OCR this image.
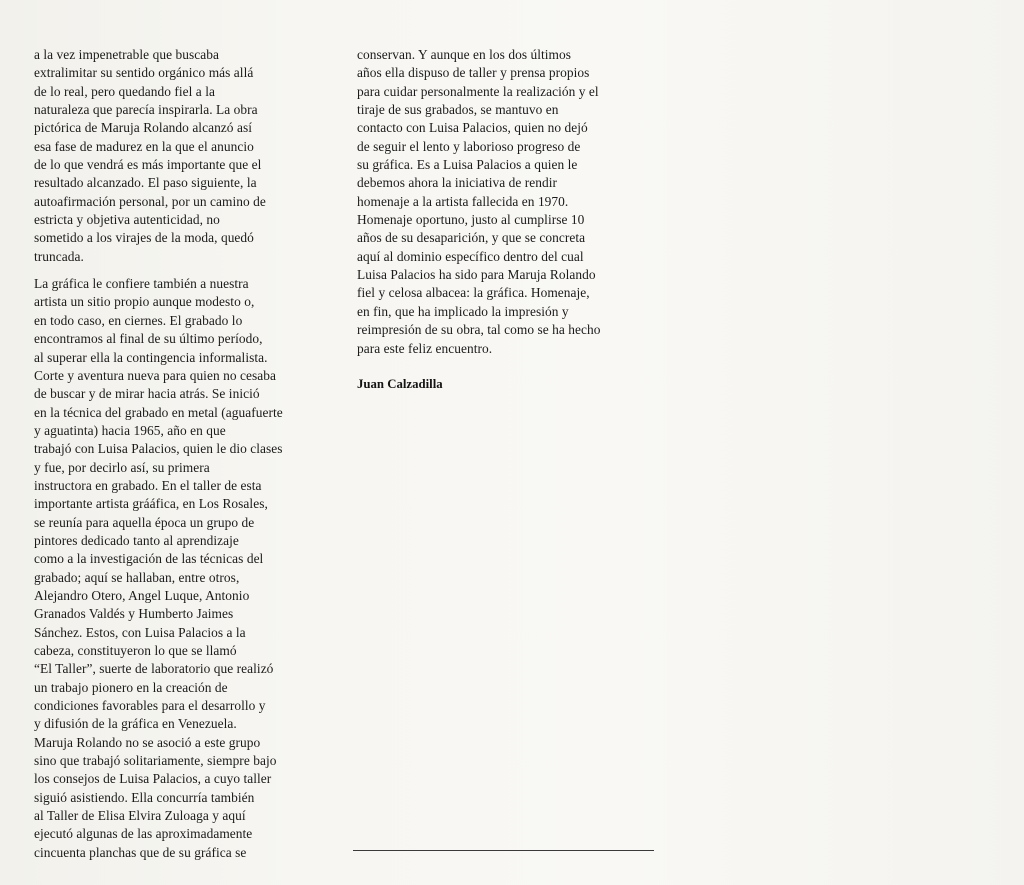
a la vez impenetrable que buscaba
extralimitar su sentido orgánico más allá
de lo real, pero quedando fiel a la
naturaleza que parecía inspirarla. La obra
pictórica de Maruja Rolando alcanzó así
esa fase de madurez en la que el anuncio
de lo que vendrá es más importante que el
resultado alcanzado. El paso siguiente, la
autoafirmación personal, por un camino de
estricta y objetiva autenticidad, no
sometido a los virajes de la moda, quedó
truncada.
La gráfica le confiere también a nuestra
artista un sitio propio aunque modesto o,
en todo caso, en ciernes. El grabado lo
encontramos al final de su último período,
al superar ella la contingencia informalista.
Corte y aventura nueva para quien no cesaba
de buscar y de mirar hacia atrás. Se inició
en la técnica del grabado en metal (aguafuerte
y aguatinta) hacia 1965, año en que
trabajó con Luisa Palacios, quien le dio clases
y fue, por decirlo así, su primera
instructora en grabado. En el taller de esta
importante artista grááfica, en Los Rosales,
se reunía para aquella época un grupo de
pintores dedicado tanto al aprendizaje
como a la investigación de las técnicas del
grabado; aquí se hallaban, entre otros,
Alejandro Otero, Angel Luque, Antonio
Granados Valdés y Humberto Jaimes
Sánchez. Estos, con Luisa Palacios a la
cabeza, constituyeron lo que se llamó
“El Taller”, suerte de laboratorio que realizó
un trabajo pionero en la creación de
condiciones favorables para el desarrollo y
y difusión de la gráfica en Venezuela.
Maruja Rolando no se asoció a este grupo
sino que trabajó solitariamente, siempre bajo
los consejos de Luisa Palacios, a cuyo taller
siguió asistiendo. Ella concurría también
al Taller de Elisa Elvira Zuloaga y aquí
ejecutó algunas de las aproximadamente
cincuenta planchas que de su gráfica se
conservan. Y aunque en los dos últimos
años ella dispuso de taller y prensa propios
para cuidar personalmente la realización y el
tiraje de sus grabados, se mantuvo en
contacto con Luisa Palacios, quien no dejó
de seguir el lento y laborioso progreso de
su gráfica. Es a Luisa Palacios a quien le
debemos ahora la iniciativa de rendir
homenaje a la artista fallecida en 1970.
Homenaje oportuno, justo al cumplirse 10
años de su desaparición, y que se concreta
aquí al dominio específico dentro del cual
Luisa Palacios ha sido para Maruja Rolando
fiel y celosa albacea: la gráfica. Homenaje,
en fin, que ha implicado la impresión y
reimpresión de su obra, tal como se ha hecho
para este feliz encuentro.
Juan Calzadilla
